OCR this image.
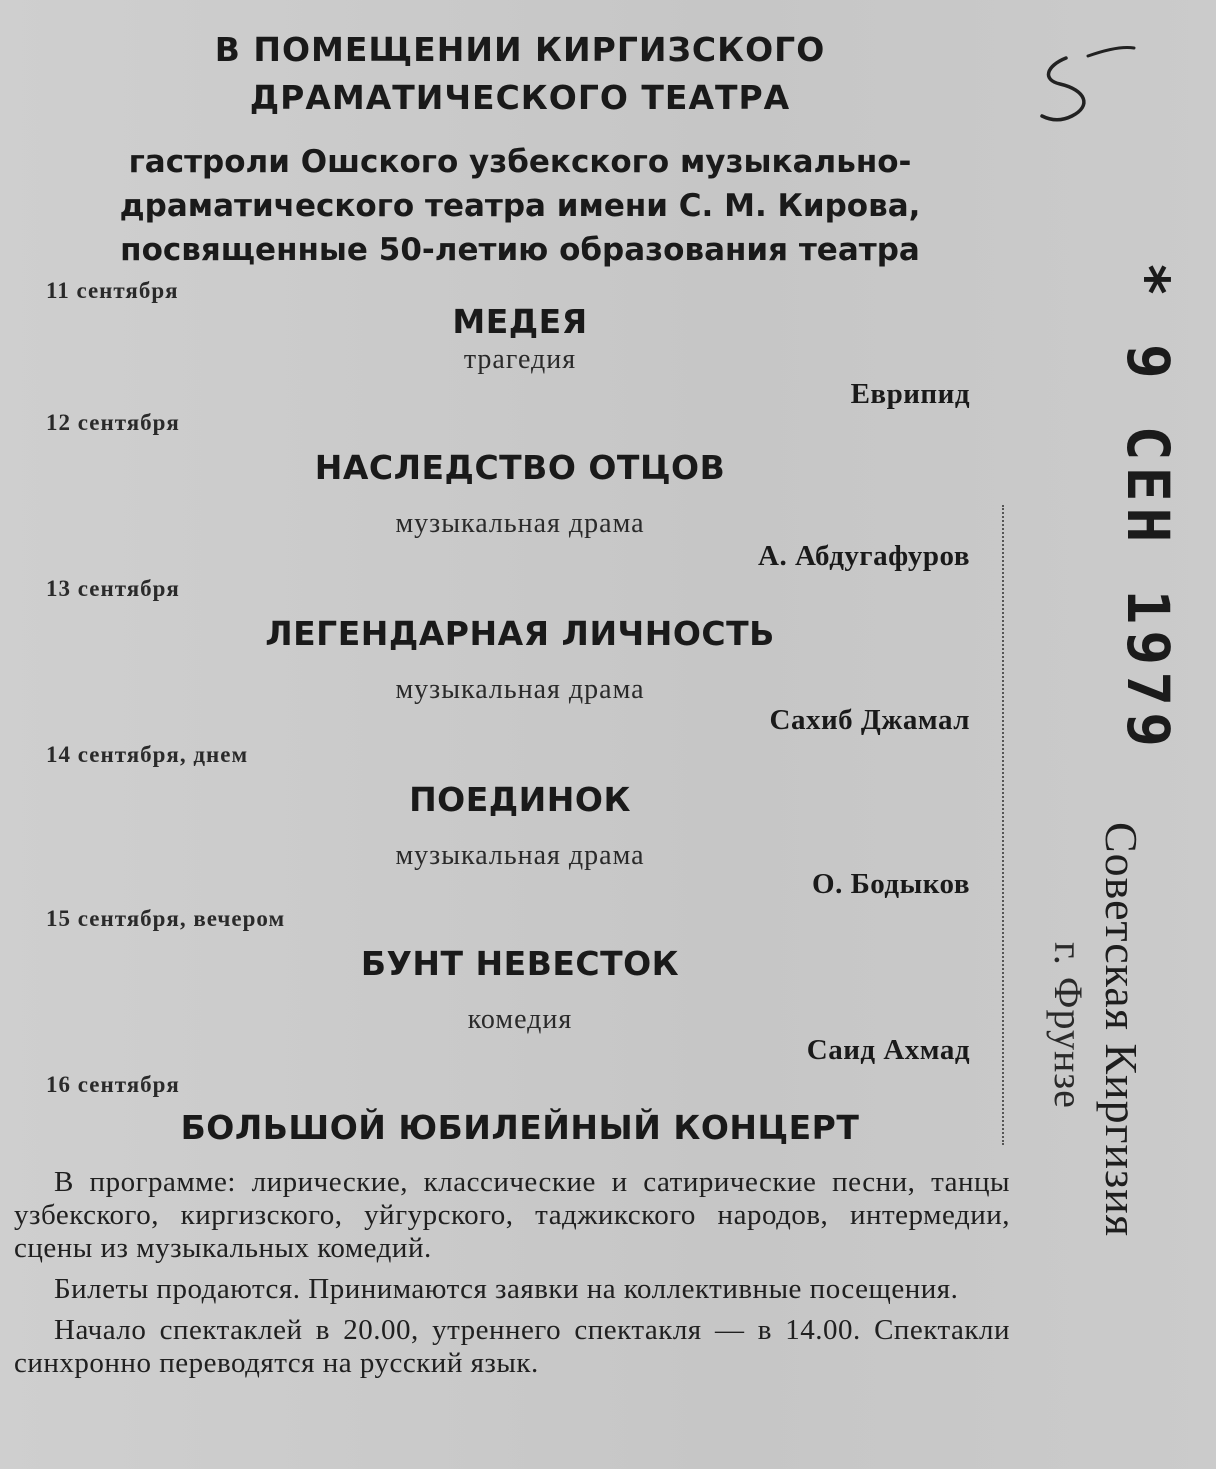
В ПОМЕЩЕНИИ КИРГИЗСКОГО
ДРАМАТИЧЕСКОГО ТЕАТРА
гастроли Ошского узбекского музыкально-
драматического театра имени С. М. Кирова,
посвященные 50-летию образования театра
11 сентября
МЕДЕЯ
трагедия
Еврипид
12 сентября
НАСЛЕДСТВО ОТЦОВ
музыкальная драма
А. Абдугафуров
13 сентября
ЛЕГЕНДАРНАЯ ЛИЧНОСТЬ
музыкальная драма
Сахиб Джамал
14 сентября, днем
ПОЕДИНОК
музыкальная драма
О. Бодыков
15 сентября, вечером
БУНТ НЕВЕСТОК
комедия
Саид Ахмад
16 сентября
БОЛЬШОЙ ЮБИЛЕЙНЫЙ КОНЦЕРТ

В программе: лирические, классические и сатирические песни, танцы узбекского, киргизского, уйгурского, таджикского народов, интермедии, сцены из музыкальных комедий.

Билеты продаются. Принимаются заявки на коллективные посещения.

Начало спектаклей в 20.00, утреннего спектакля — в 14.00. Спектакли синхронно переводятся на русский язык.

* 9 СЕН 1979
Советская Киргизия
г. Фрунзе
